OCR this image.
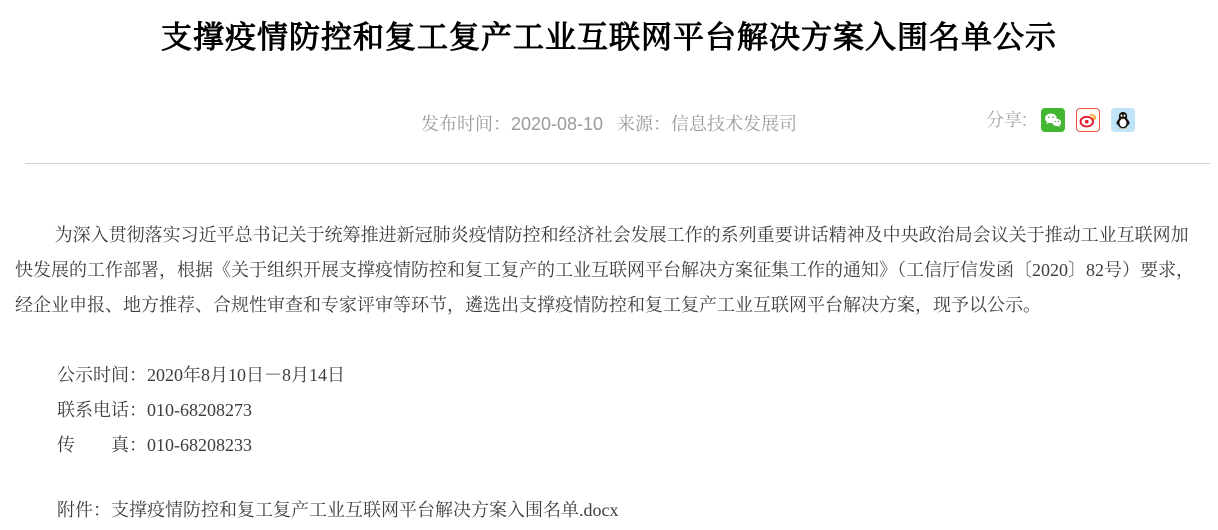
支撑疫情防控和复工复产工业互联网平台解决方案入围名单公示
发布时间：2020-08-10 来源：信息技术发展司	分享:

为深入贯彻落实习近平总书记关于统筹推进新冠肺炎疫情防控和经济社会发展工作的系列重要讲话精神及中央政治局会议关于推动工业互联网加快发展的工作部署，根据《关于组织开展支撑疫情防控和复工复产的工业互联网平台解决方案征集工作的通知》（工信厅信发函〔2020〕82号）要求，经企业申报、地方推荐、合规性审查和专家评审等环节，遴选出支撑疫情防控和复工复产工业互联网平台解决方案，现予以公示。

公示时间：2020年8月10日－8月14日

联系电话：010-68208273

传　　真：010-68208233

附件：支撑疫情防控和复工复产工业互联网平台解决方案入围名单.docx
